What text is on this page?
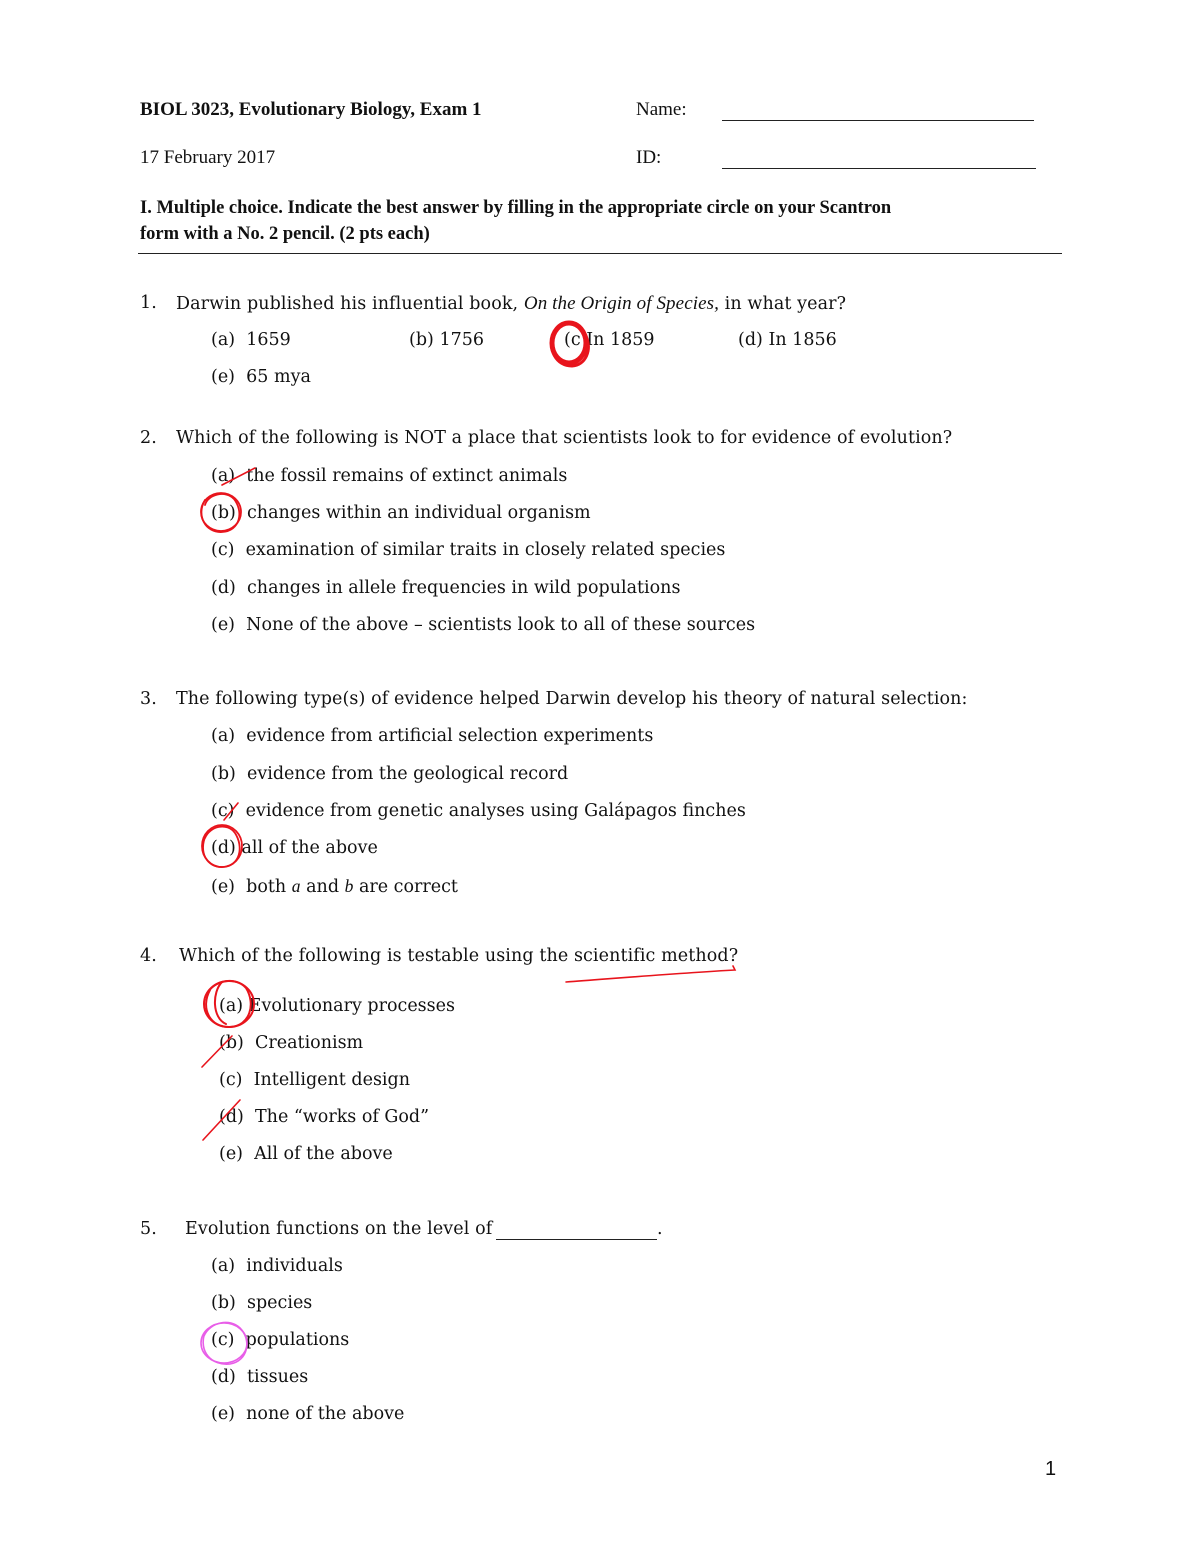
BIOL 3023, Evolutionary Biology, Exam 1
17 February 2017
Name:
ID:
I. Multiple choice. Indicate the best answer by filling in the appropriate circle on your Scantron
form with a No. 2 pencil. (2 pts each)
1. Darwin published his influential book, On the Origin of Species, in what year?
(a) 1659	(b) 1756	(c In 1859	(d) In 1856
(e) 65 mya
2. Which of the following is NOT a place that scientists look to for evidence of evolution?
(a) the fossil remains of extinct animals
(b) changes within an individual organism
(c) examination of similar traits in closely related species
(d) changes in allele frequencies in wild populations
(e) None of the above – scientists look to all of these sources
3. The following type(s) of evidence helped Darwin develop his theory of natural selection:
(a) evidence from artificial selection experiments
(b) evidence from the geological record
(c) evidence from genetic analyses using Galápagos finches
(d) all of the above
(e) both a and b are correct
4. Which of the following is testable using the scientific method?
(a) Evolutionary processes
(b) Creationism
(c) Intelligent design
(d) The “works of God”
(e) All of the above
5. Evolution functions on the level of	.
(a) individuals
(b) species
(c) populations
(d) tissues
(e) none of the above
1
